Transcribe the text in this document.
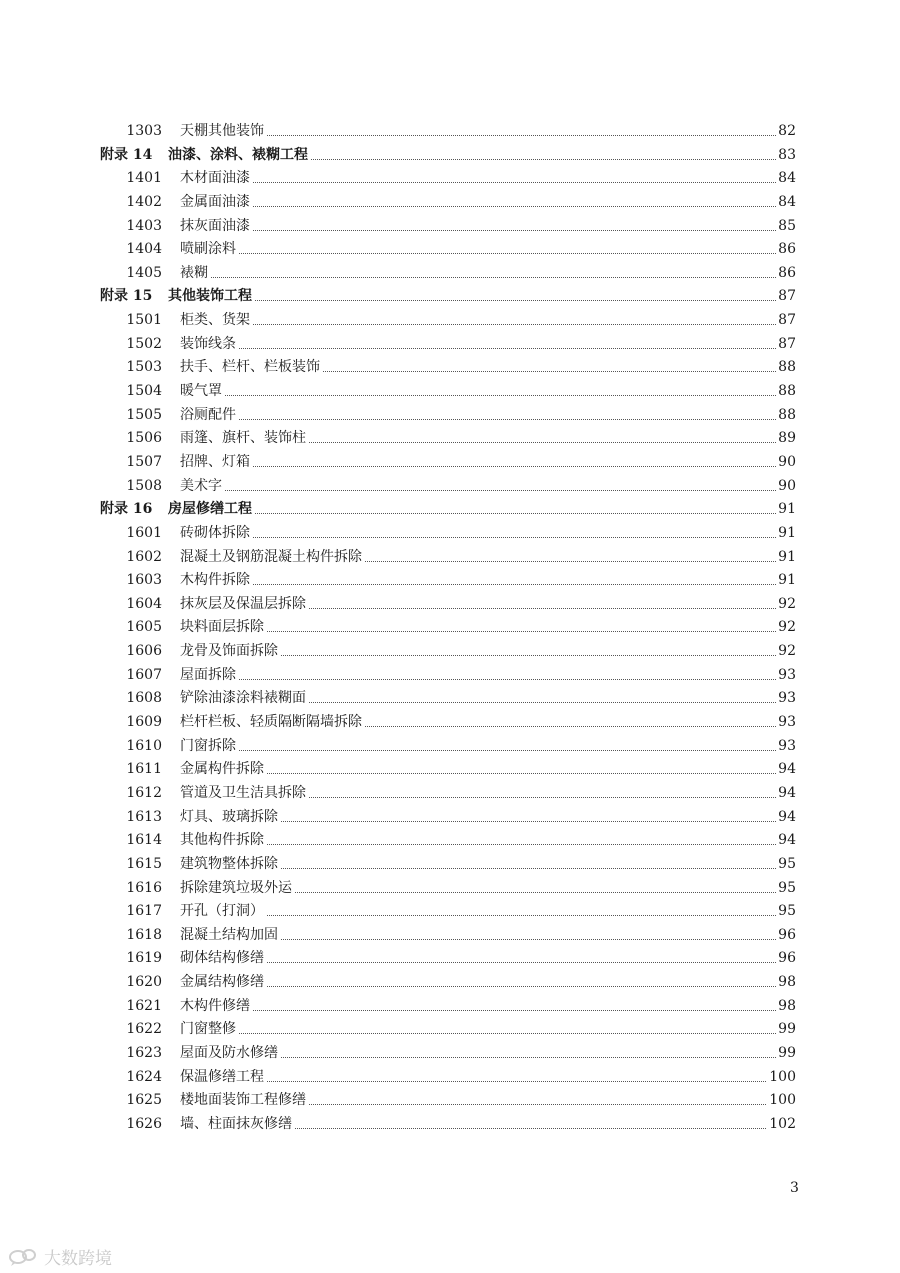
1303 天棚其他装饰	82
附录 14 油漆、涂料、裱糊工程	83
1401 木材面油漆	84
1402 金属面油漆	84
1403 抹灰面油漆	85
1404 喷刷涂料	86
1405 裱糊	86
附录 15 其他装饰工程	87
1501 柜类、货架	87
1502 装饰线条	87
1503 扶手、栏杆、栏板装饰	88
1504 暖气罩	88
1505 浴厕配件	88
1506 雨篷、旗杆、装饰柱	89
1507 招牌、灯箱	90
1508 美术字	90
附录 16 房屋修缮工程	91
1601 砖砌体拆除	91
1602 混凝土及钢筋混凝土构件拆除	91
1603 木构件拆除	91
1604 抹灰层及保温层拆除	92
1605 块料面层拆除	92
1606 龙骨及饰面拆除	92
1607 屋面拆除	93
1608 铲除油漆涂料裱糊面	93
1609 栏杆栏板、轻质隔断隔墙拆除	93
1610 门窗拆除	93
1611 金属构件拆除	94
1612 管道及卫生洁具拆除	94
1613 灯具、玻璃拆除	94
1614 其他构件拆除	94
1615 建筑物整体拆除	95
1616 拆除建筑垃圾外运	95
1617 开孔（打洞）	95
1618 混凝土结构加固	96
1619 砌体结构修缮	96
1620 金属结构修缮	98
1621 木构件修缮	98
1622 门窗整修	99
1623 屋面及防水修缮	99
1624 保温修缮工程	100
1625 楼地面装饰工程修缮	100
1626 墙、柱面抹灰修缮	102
3
大数跨境
